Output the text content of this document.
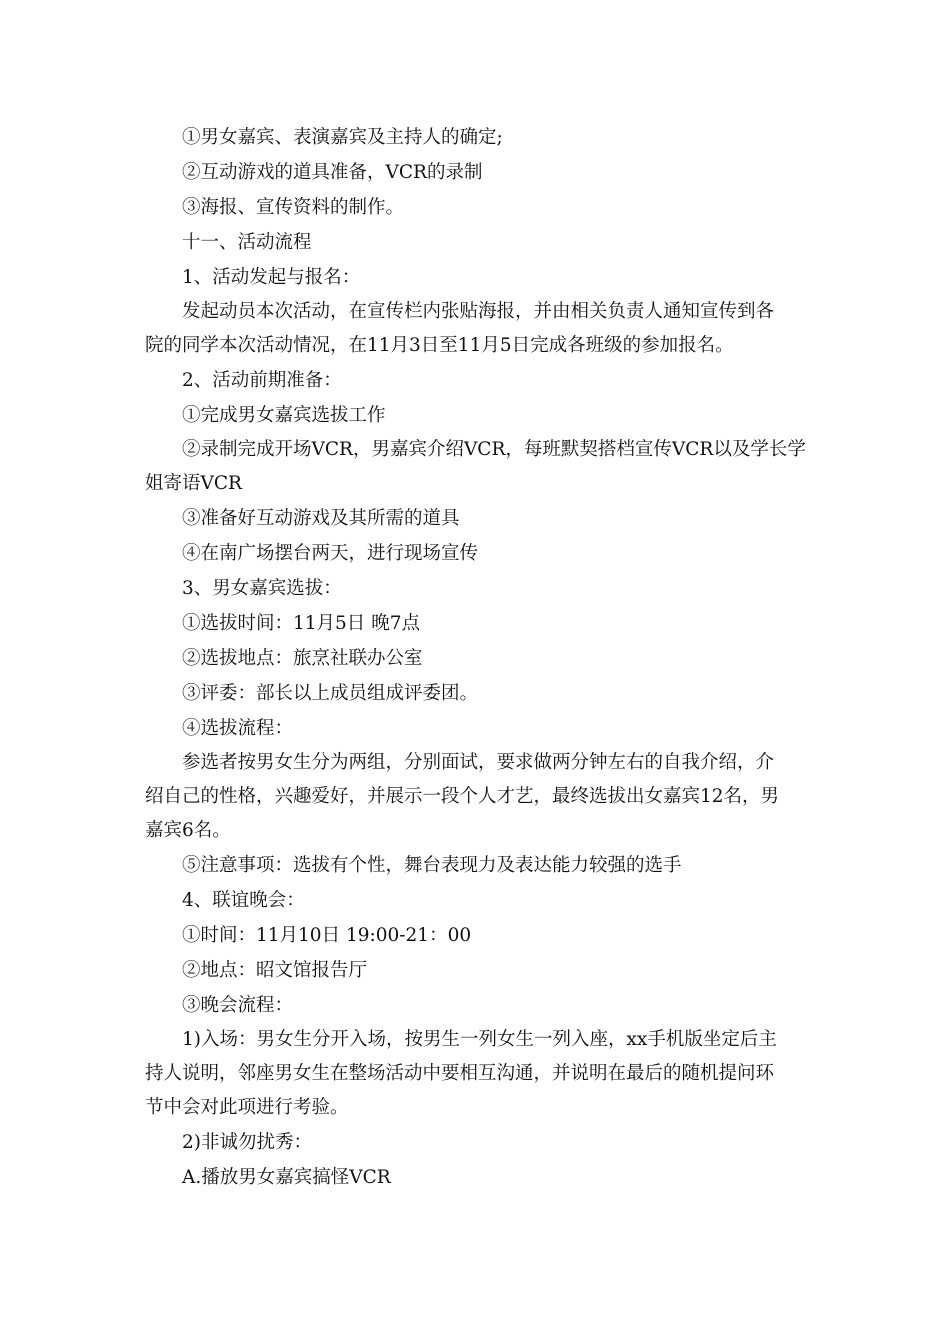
①男女嘉宾、表演嘉宾及主持人的确定;

②互动游戏的道具准备，VCR的录制

③海报、宣传资料的制作。

十一、活动流程

1、活动发起与报名：

发起动员本次活动，在宣传栏内张贴海报，并由相关负责人通知宣传到各
院的同学本次活动情况，在11月3日至11月5日完成各班级的参加报名。

2、活动前期准备：

①完成男女嘉宾选拔工作

②录制完成开场VCR，男嘉宾介绍VCR，每班默契搭档宣传VCR以及学长学
姐寄语VCR

③准备好互动游戏及其所需的道具

④在南广场摆台两天，进行现场宣传

3、男女嘉宾选拔：

①选拔时间：11月5日 晚7点

②选拔地点：旅烹社联办公室

③评委：部长以上成员组成评委团。

④选拔流程：

参选者按男女生分为两组，分别面试，要求做两分钟左右的自我介绍，介
绍自己的性格，兴趣爱好，并展示一段个人才艺，最终选拔出女嘉宾12名，男
嘉宾6名。

⑤注意事项：选拔有个性，舞台表现力及表达能力较强的选手

4、联谊晚会：

①时间：11月10日 19:00-21：00

②地点：昭文馆报告厅

③晚会流程：

1)入场：男女生分开入场，按男生一列女生一列入座，xx手机版坐定后主
持人说明，邻座男女生在整场活动中要相互沟通，并说明在最后的随机提问环
节中会对此项进行考验。

2)非诚勿扰秀：

A.播放男女嘉宾搞怪VCR
